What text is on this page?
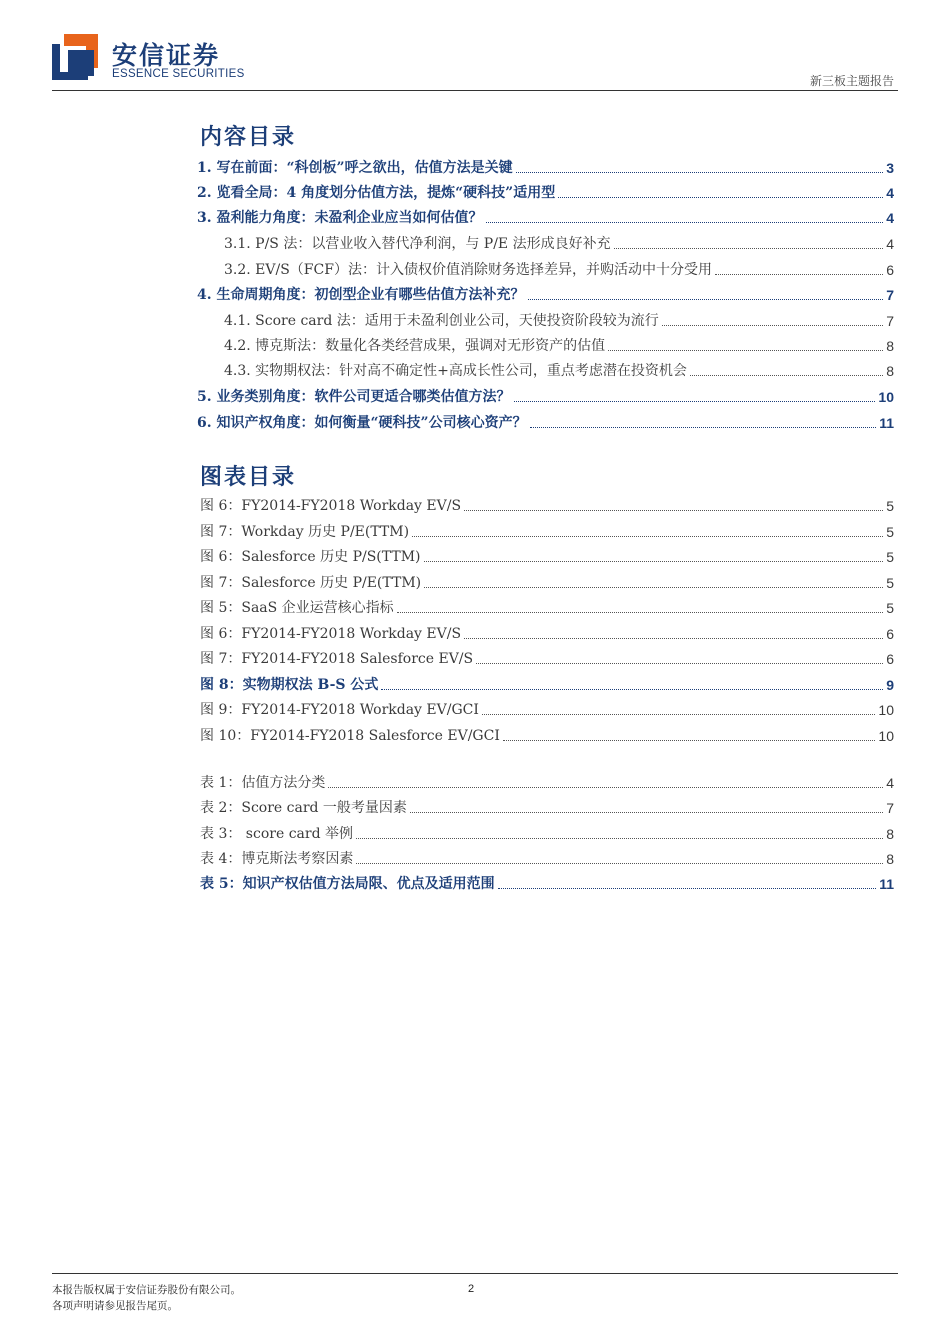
安信证券
ESSENCE SECURITIES	新三板主题报告
内容目录
1. 写在前面：“科创板”呼之欲出，估值方法是关键	3
2. 览看全局：4 角度划分估值方法，提炼“硬科技”适用型	4
3. 盈利能力角度：未盈利企业应当如何估值？	4
3.1. P/S 法：以营业收入替代净利润，与 P/E 法形成良好补充	4
3.2. EV/S（FCF）法：计入债权价值消除财务选择差异，并购活动中十分受用	6
4. 生命周期角度：初创型企业有哪些估值方法补充？	7
4.1. Score card 法：适用于未盈利创业公司，天使投资阶段较为流行	7
4.2. 博克斯法：数量化各类经营成果，强调对无形资产的估值	8
4.3. 实物期权法：针对高不确定性+高成长性公司，重点考虑潜在投资机会	8
5. 业务类别角度：软件公司更适合哪类估值方法？	10
6. 知识产权角度：如何衡量“硬科技”公司核心资产？	11
图表目录
图 6：FY2014-FY2018 Workday EV/S	5
图 7：Workday 历史 P/E(TTM)	5
图 6：Salesforce 历史 P/S(TTM)	5
图 7：Salesforce 历史 P/E(TTM)	5
图 5：SaaS 企业运营核心指标	5
图 6：FY2014-FY2018 Workday EV/S	6
图 7：FY2014-FY2018 Salesforce EV/S	6
图 8：实物期权法 B-S 公式	9
图 9：FY2014-FY2018 Workday EV/GCI	10
图 10：FY2014-FY2018 Salesforce EV/GCI	10
表 1：估值方法分类	4
表 2：Score card 一般考量因素	7
表 3： score card 举例	8
表 4：博克斯法考察因素	8
表 5：知识产权估值方法局限、优点及适用范围	11
本报告版权属于安信证券股份有限公司。
各项声明请参见报告尾页。
2
